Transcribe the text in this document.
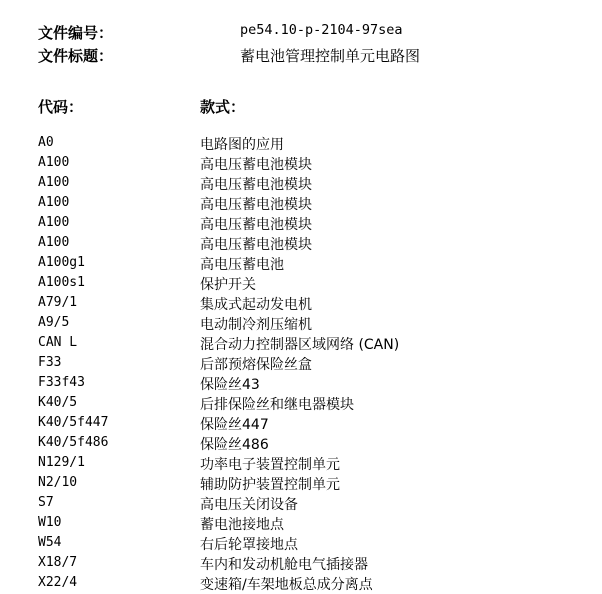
文件编号：	pe54.10-p-2104-97sea
文件标题：	蓄电池管理控制单元电路图
代码：	款式：
A0	电路图的应用
A100	高电压蓄电池模块
A100	高电压蓄电池模块
A100	高电压蓄电池模块
A100	高电压蓄电池模块
A100	高电压蓄电池模块
A100g1	高电压蓄电池
A100s1	保护开关
A79/1	集成式起动发电机
A9/5	电动制冷剂压缩机
CAN L	混合动力控制器区域网络 (CAN)
F33	后部预熔保险丝盒
F33f43	保险丝43
K40/5	后排保险丝和继电器模块
K40/5f447	保险丝447
K40/5f486	保险丝486
N129/1	功率电子装置控制单元
N2/10	辅助防护装置控制单元
S7	高电压关闭设备
W10	蓄电池接地点
W54	右后轮罩接地点
X18/7	车内和发动机舱电气插接器
X22/4	变速箱/车架地板总成分离点
